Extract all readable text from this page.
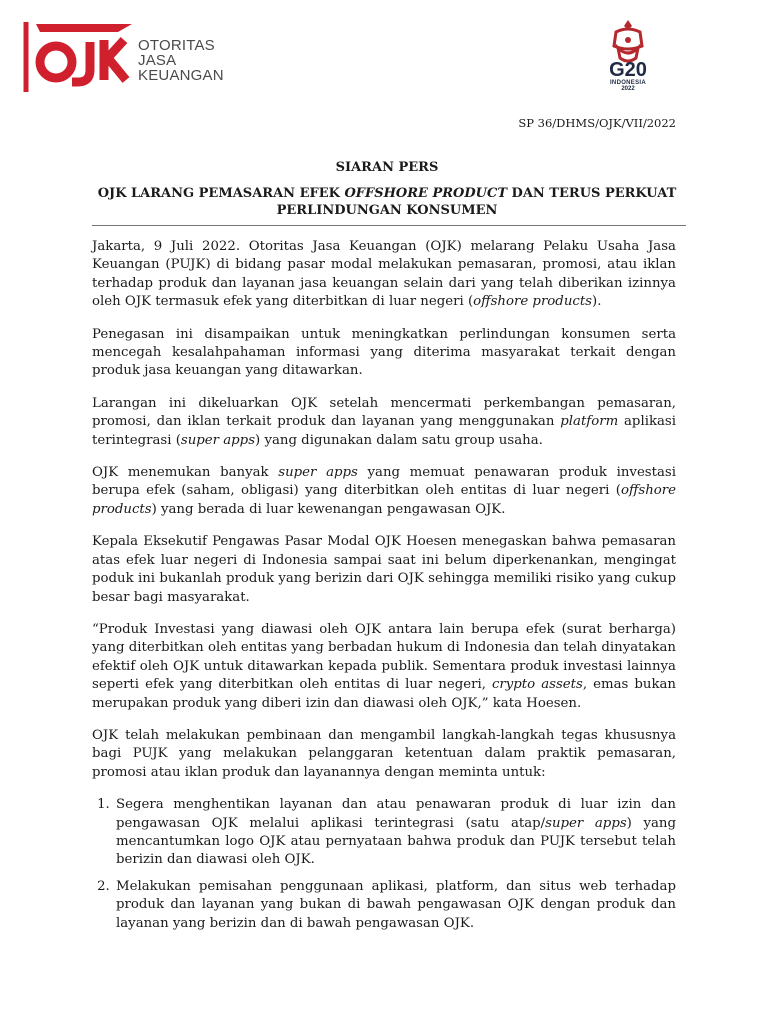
OTORITAS
JASA
KEUANGAN	G20
INDONESIA
2022
SP 36/DHMS/OJK/VII/2022
SIARAN PERS
OJK LARANG PEMASARAN EFEK OFFSHORE PRODUCT DAN TERUS PERKUAT PERLINDUNGAN KONSUMEN

Jakarta, 9 Juli 2022. Otoritas Jasa Keuangan (OJK) melarang Pelaku Usaha Jasa Keuangan (PUJK) di bidang pasar modal melakukan pemasaran, promosi, atau iklan terhadap produk dan layanan jasa keuangan selain dari yang telah diberikan izinnya oleh OJK termasuk efek yang diterbitkan di luar negeri (offshore products).

Penegasan ini disampaikan untuk meningkatkan perlindungan konsumen serta mencegah kesalahpahaman informasi yang diterima masyarakat terkait dengan produk jasa keuangan yang ditawarkan.

Larangan ini dikeluarkan OJK setelah mencermati perkembangan pemasaran, promosi, dan iklan terkait produk dan layanan yang menggunakan platform aplikasi terintegrasi (super apps) yang digunakan dalam satu group usaha.

OJK menemukan banyak super apps yang memuat penawaran produk investasi berupa efek (saham, obligasi) yang diterbitkan oleh entitas di luar negeri (offshore products) yang berada di luar kewenangan pengawasan OJK.

Kepala Eksekutif Pengawas Pasar Modal OJK Hoesen menegaskan bahwa pemasaran atas efek luar negeri di Indonesia sampai saat ini belum diperkenankan, mengingat poduk ini bukanlah produk yang berizin dari OJK sehingga memiliki risiko yang cukup besar bagi masyarakat.

“Produk Investasi yang diawasi oleh OJK antara lain berupa efek (surat berharga) yang diterbitkan oleh entitas yang berbadan hukum di Indonesia dan telah dinyatakan efektif oleh OJK untuk ditawarkan kepada publik. Sementara produk investasi lainnya seperti efek yang diterbitkan oleh entitas di luar negeri, crypto assets, emas bukan merupakan produk yang diberi izin dan diawasi oleh OJK,” kata Hoesen.

OJK telah melakukan pembinaan dan mengambil langkah-langkah tegas khususnya bagi PUJK yang melakukan pelanggaran ketentuan dalam praktik pemasaran, promosi atau iklan produk dan layanannya dengan meminta untuk:

1. Segera menghentikan layanan dan atau penawaran produk di luar izin dan pengawasan OJK melalui aplikasi terintegrasi (satu atap/super apps) yang mencantumkan logo OJK atau pernyataan bahwa produk dan PUJK tersebut telah berizin dan diawasi oleh OJK.
2. Melakukan pemisahan penggunaan aplikasi, platform, dan situs web terhadap produk dan layanan yang bukan di bawah pengawasan OJK dengan produk dan layanan yang berizin dan di bawah pengawasan OJK.
